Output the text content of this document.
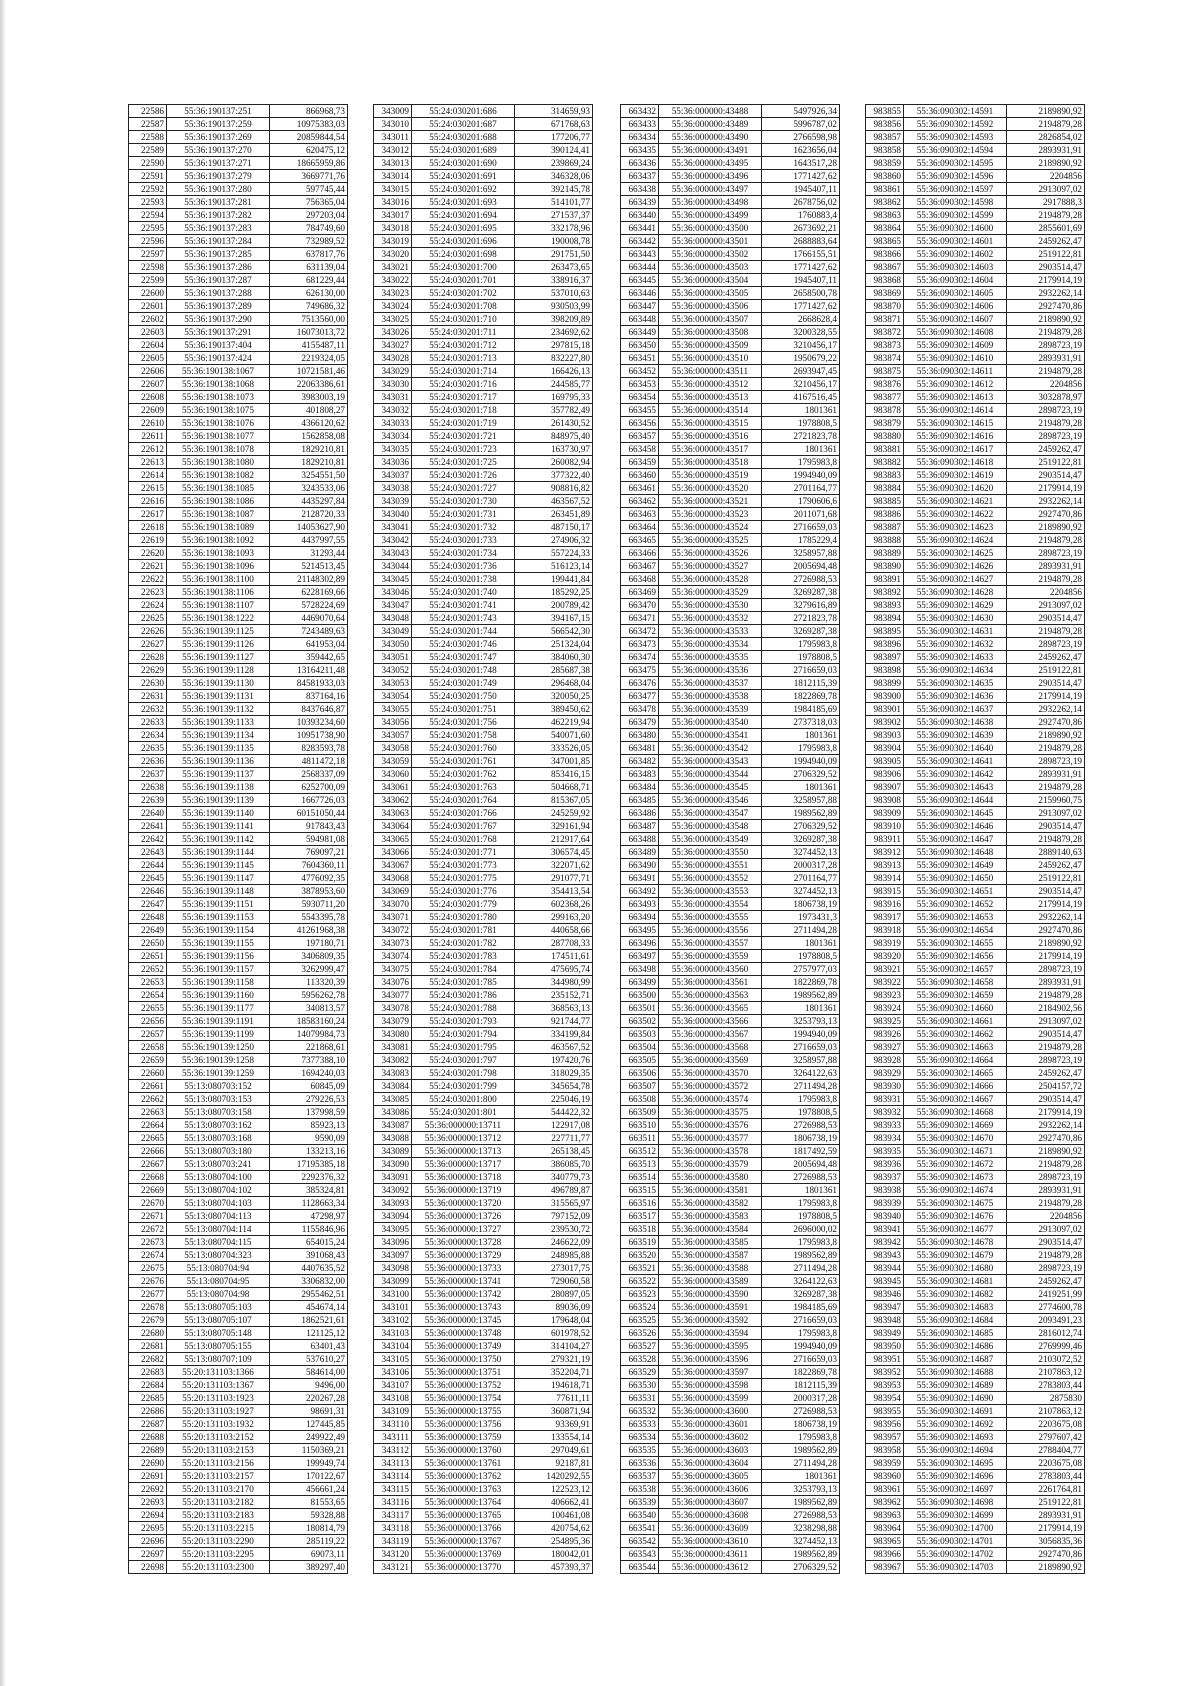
22586	55:36:190137:251	866968,73
22587	55:36:190137:259	10975383,03
22588	55:36:190137:269	20859844,54
22589	55:36:190137:270	620475,12
22590	55:36:190137:271	18665959,86
22591	55:36:190137:279	3669771,76
22592	55:36:190137:280	597745,44
22593	55:36:190137:281	756365,04
22594	55:36:190137:282	297203,04
22595	55:36:190137:283	784749,60
22596	55:36:190137:284	732989,52
22597	55:36:190137:285	637817,76
22598	55:36:190137:286	631139,04
22599	55:36:190137:287	681229,44
22600	55:36:190137:288	626130,00
22601	55:36:190137:289	749686,32
22602	55:36:190137:290	7513560,00
22603	55:36:190137:291	16073013,72
22604	55:36:190137:404	4155487,11
22605	55:36:190137:424	2219324,05
22606	55:36:190138:1067	10721581,46
22607	55:36:190138:1068	22063386,61
22608	55:36:190138:1073	3983003,19
22609	55:36:190138:1075	401808,27
22610	55:36:190138:1076	4366120,62
22611	55:36:190138:1077	1562858,08
22612	55:36:190138:1078	1829210,81
22613	55:36:190138:1080	1829210,81
22614	55:36:190138:1082	3254551,50
22615	55:36:190138:1085	3243533,06
22616	55:36:190138:1086	4435297,84
22617	55:36:190138:1087	2128720,33
22618	55:36:190138:1089	14053627,90
22619	55:36:190138:1092	4437997,55
22620	55:36:190138:1093	31293,44
22621	55:36:190138:1096	5214513,45
22622	55:36:190138:1100	21148302,89
22623	55:36:190138:1106	6228169,66
22624	55:36:190138:1107	5728224,69
22625	55:36:190138:1222	4469070,64
22626	55:36:190139:1125	7243489,63
22627	55:36:190139:1126	641953,04
22628	55:36:190139:1127	359442,65
22629	55:36:190139:1128	13164211,48
22630	55:36:190139:1130	84581933,03
22631	55:36:190139:1131	837164,16
22632	55:36:190139:1132	8437646,87
22633	55:36:190139:1133	10393234,60
22634	55:36:190139:1134	10951738,90
22635	55:36:190139:1135	8283593,78
22636	55:36:190139:1136	4811472,18
22637	55:36:190139:1137	2568337,09
22638	55:36:190139:1138	6252700,09
22639	55:36:190139:1139	1667726,03
22640	55:36:190139:1140	60151050,44
22641	55:36:190139:1141	917843,43
22642	55:36:190139:1142	594981,08
22643	55:36:190139:1144	769097,21
22644	55:36:190139:1145	7604360,11
22645	55:36:190139:1147	4776092,35
22646	55:36:190139:1148	3878953,60
22647	55:36:190139:1151	5930711,20
22648	55:36:190139:1153	5543395,78
22649	55:36:190139:1154	41261968,38
22650	55:36:190139:1155	197180,71
22651	55:36:190139:1156	3406809,35
22652	55:36:190139:1157	3262999,47
22653	55:36:190139:1158	113320,39
22654	55:36:190139:1160	5956262,78
22655	55:36:190139:1177	340813,57
22656	55:36:190139:1191	18583160,24
22657	55:36:190139:1199	14079984,73
22658	55:36:190139:1250	221868,61
22659	55:36:190139:1258	7377388,10
22660	55:36:190139:1259	1694240,03
22661	55:13:080703:152	60845,09
22662	55:13:080703:153	279226,53
22663	55:13:080703:158	137998,59
22664	55:13:080703:162	85923,13
22665	55:13:080703:168	9590,09
22666	55:13:080703:180	133213,16
22667	55:13:080703:241	17195385,18
22668	55:13:080704:100	2292376,32
22669	55:13:080704:102	385324,81
22670	55:13:080704:103	1128663,34
22671	55:13:080704:113	47298,97
22672	55:13:080704:114	1155846,96
22673	55:13:080704:115	654015,24
22674	55:13:080704:323	391068,43
22675	55:13:080704:94	4407635,52
22676	55:13:080704:95	3306832,00
22677	55:13:080704:98	2955462,51
22678	55:13:080705:103	454674,14
22679	55:13:080705:107	1862521,61
22680	55:13:080705:148	121125,12
22681	55:13:080705:155	63401,43
22682	55:13:080707:109	537610,27
22683	55:20:131103:1366	584614,00
22684	55:20:131103:1367	9496,00
22685	55:20:131103:1923	220267,28
22686	55:20:131103:1927	98691,31
22687	55:20:131103:1932	127445,85
22688	55:20:131103:2152	249922,49
22689	55:20:131103:2153	1150369,21
22690	55:20:131103:2156	199949,74
22691	55:20:131103:2157	170122,67
22692	55:20:131103:2170	456661,24
22693	55:20:131103:2182	81553,65
22694	55:20:131103:2183	59328,88
22695	55:20:131103:2215	180814,79
22696	55:20:131103:2290	285119,22
22697	55:20:131103:2295	69073,11
22698	55:20:131103:2300	389297,40
343009	55:24:030201:686	314659,93
343010	55:24:030201:687	671768,63
343011	55:24:030201:688	177206,77
343012	55:24:030201:689	390124,41
343013	55:24:030201:690	239869,24
343014	55:24:030201:691	346328,06
343015	55:24:030201:692	392145,78
343016	55:24:030201:693	514101,77
343017	55:24:030201:694	271537,37
343018	55:24:030201:695	332178,96
343019	55:24:030201:696	190008,78
343020	55:24:030201:698	291751,50
343021	55:24:030201:700	263473,65
343022	55:24:030201:701	338916,37
343023	55:24:030201:702	537010,63
343024	55:24:030201:708	930503,99
343025	55:24:030201:710	398209,89
343026	55:24:030201:711	234692,62
343027	55:24:030201:712	297815,18
343028	55:24:030201:713	832227,80
343029	55:24:030201:714	166426,13
343030	55:24:030201:716	244585,77
343031	55:24:030201:717	169795,33
343032	55:24:030201:718	357782,49
343033	55:24:030201:719	261430,52
343034	55:24:030201:721	848975,40
343035	55:24:030201:723	163730,97
343036	55:24:030201:725	260082,94
343037	55:24:030201:726	377322,40
343038	55:24:030201:727	908816,82
343039	55:24:030201:730	463567,52
343040	55:24:030201:731	263451,89
343041	55:24:030201:732	487150,17
343042	55:24:030201:733	274906,32
343043	55:24:030201:734	557224,33
343044	55:24:030201:736	516123,14
343045	55:24:030201:738	199441,84
343046	55:24:030201:740	185292,25
343047	55:24:030201:741	200789,42
343048	55:24:030201:743	394167,15
343049	55:24:030201:744	566542,30
343050	55:24:030201:746	251324,04
343051	55:24:030201:747	384060,30
343052	55:24:030201:748	285687,38
343053	55:24:030201:749	296468,04
343054	55:24:030201:750	320050,25
343055	55:24:030201:751	389450,62
343056	55:24:030201:756	462219,94
343057	55:24:030201:758	540071,60
343058	55:24:030201:760	333526,05
343059	55:24:030201:761	347001,85
343060	55:24:030201:762	853416,15
343061	55:24:030201:763	504668,71
343062	55:24:030201:764	815367,05
343063	55:24:030201:766	245259,92
343064	55:24:030201:767	329161,94
343065	55:24:030201:768	212917,64
343066	55:24:030201:771	306574,45
343067	55:24:030201:773	322071,62
343068	55:24:030201:775	291077,71
343069	55:24:030201:776	354413,54
343070	55:24:030201:779	602368,26
343071	55:24:030201:780	299163,20
343072	55:24:030201:781	440658,66
343073	55:24:030201:782	287708,33
343074	55:24:030201:783	174511,61
343075	55:24:030201:784	475695,74
343076	55:24:030201:785	344980,99
343077	55:24:030201:786	235152,71
343078	55:24:030201:788	368563,13
343079	55:24:030201:793	921744,77
343080	55:24:030201:794	334199,84
343081	55:24:030201:795	463567,52
343082	55:24:030201:797	197420,76
343083	55:24:030201:798	318029,35
343084	55:24:030201:799	345654,78
343085	55:24:030201:800	225046,19
343086	55:24:030201:801	544422,32
343087	55:36:000000:13711	122917,08
343088	55:36:000000:13712	227711,77
343089	55:36:000000:13713	265138,45
343090	55:36:000000:13717	386085,70
343091	55:36:000000:13718	340779,73
343092	55:36:000000:13719	496789,87
343093	55:36:000000:13720	315565,97
343094	55:36:000000:13726	797152,09
343095	55:36:000000:13727	239530,72
343096	55:36:000000:13728	246622,09
343097	55:36:000000:13729	248985,88
343098	55:36:000000:13733	273017,75
343099	55:36:000000:13741	729060,58
343100	55:36:000000:13742	280897,05
343101	55:36:000000:13743	89036,09
343102	55:36:000000:13745	179648,04
343103	55:36:000000:13748	601978,52
343104	55:36:000000:13749	314104,27
343105	55:36:000000:13750	279321,19
343106	55:36:000000:13751	352204,71
343107	55:36:000000:13752	194618,71
343108	55:36:000000:13754	77611,11
343109	55:36:000000:13755	360871,94
343110	55:36:000000:13756	93369,91
343111	55:36:000000:13759	133554,14
343112	55:36:000000:13760	297049,61
343113	55:36:000000:13761	92187,81
343114	55:36:000000:13762	1420292,55
343115	55:36:000000:13763	122523,12
343116	55:36:000000:13764	406662,41
343117	55:36:000000:13765	100461,08
343118	55:36:000000:13766	420754,62
343119	55:36:000000:13767	254895,36
343120	55:36:000000:13769	180042,01
343121	55:36:000000:13770	457393,37
663432	55:36:000000:43488	5497926,34
663433	55:36:000000:43489	5996787,02
663434	55:36:000000:43490	2766598,98
663435	55:36:000000:43491	1623656,04
663436	55:36:000000:43495	1643517,28
663437	55:36:000000:43496	1771427,62
663438	55:36:000000:43497	1945407,11
663439	55:36:000000:43498	2678756,02
663440	55:36:000000:43499	1760883,4
663441	55:36:000000:43500	2673692,21
663442	55:36:000000:43501	2688883,64
663443	55:36:000000:43502	1766155,51
663444	55:36:000000:43503	1771427,62
663445	55:36:000000:43504	1945407,11
663446	55:36:000000:43505	2658500,78
663447	55:36:000000:43506	1771427,62
663448	55:36:000000:43507	2668628,4
663449	55:36:000000:43508	3200328,55
663450	55:36:000000:43509	3210456,17
663451	55:36:000000:43510	1950679,22
663452	55:36:000000:43511	2693947,45
663453	55:36:000000:43512	3210456,17
663454	55:36:000000:43513	4167516,45
663455	55:36:000000:43514	1801361
663456	55:36:000000:43515	1978808,5
663457	55:36:000000:43516	2721823,78
663458	55:36:000000:43517	1801361
663459	55:36:000000:43518	1795983,8
663460	55:36:000000:43519	1994940,09
663461	55:36:000000:43520	2701164,77
663462	55:36:000000:43521	1790606,6
663463	55:36:000000:43523	2011071,68
663464	55:36:000000:43524	2716659,03
663465	55:36:000000:43525	1785229,4
663466	55:36:000000:43526	3258957,88
663467	55:36:000000:43527	2005694,48
663468	55:36:000000:43528	2726988,53
663469	55:36:000000:43529	3269287,38
663470	55:36:000000:43530	3279616,89
663471	55:36:000000:43532	2721823,78
663472	55:36:000000:43533	3269287,38
663473	55:36:000000:43534	1795983,8
663474	55:36:000000:43535	1978808,5
663475	55:36:000000:43536	2716659,03
663476	55:36:000000:43537	1812115,39
663477	55:36:000000:43538	1822869,78
663478	55:36:000000:43539	1984185,69
663479	55:36:000000:43540	2737318,03
663480	55:36:000000:43541	1801361
663481	55:36:000000:43542	1795983,8
663482	55:36:000000:43543	1994940,09
663483	55:36:000000:43544	2706329,52
663484	55:36:000000:43545	1801361
663485	55:36:000000:43546	3258957,88
663486	55:36:000000:43547	1989562,89
663487	55:36:000000:43548	2706329,52
663488	55:36:000000:43549	3269287,38
663489	55:36:000000:43550	3274452,13
663490	55:36:000000:43551	2000317,28
663491	55:36:000000:43552	2701164,77
663492	55:36:000000:43553	3274452,13
663493	55:36:000000:43554	1806738,19
663494	55:36:000000:43555	1973431,3
663495	55:36:000000:43556	2711494,28
663496	55:36:000000:43557	1801361
663497	55:36:000000:43559	1978808,5
663498	55:36:000000:43560	2757977,03
663499	55:36:000000:43561	1822869,78
663500	55:36:000000:43563	1989562,89
663501	55:36:000000:43565	1801361
663502	55:36:000000:43566	3253793,13
663503	55:36:000000:43567	1994940,09
663504	55:36:000000:43568	2716659,03
663505	55:36:000000:43569	3258957,88
663506	55:36:000000:43570	3264122,63
663507	55:36:000000:43572	2711494,28
663508	55:36:000000:43574	1795983,8
663509	55:36:000000:43575	1978808,5
663510	55:36:000000:43576	2726988,53
663511	55:36:000000:43577	1806738,19
663512	55:36:000000:43578	1817492,59
663513	55:36:000000:43579	2005694,48
663514	55:36:000000:43580	2726988,53
663515	55:36:000000:43581	1801361
663516	55:36:000000:43582	1795983,8
663517	55:36:000000:43583	1978808,5
663518	55:36:000000:43584	2696000,02
663519	55:36:000000:43585	1795983,8
663520	55:36:000000:43587	1989562,89
663521	55:36:000000:43588	2711494,28
663522	55:36:000000:43589	3264122,63
663523	55:36:000000:43590	3269287,38
663524	55:36:000000:43591	1984185,69
663525	55:36:000000:43592	2716659,03
663526	55:36:000000:43594	1795983,8
663527	55:36:000000:43595	1994940,09
663528	55:36:000000:43596	2716659,03
663529	55:36:000000:43597	1822869,78
663530	55:36:000000:43598	1812115,39
663531	55:36:000000:43599	2000317,28
663532	55:36:000000:43600	2726988,53
663533	55:36:000000:43601	1806738,19
663534	55:36:000000:43602	1795983,8
663535	55:36:000000:43603	1989562,89
663536	55:36:000000:43604	2711494,28
663537	55:36:000000:43605	1801361
663538	55:36:000000:43606	3253793,13
663539	55:36:000000:43607	1989562,89
663540	55:36:000000:43608	2726988,53
663541	55:36:000000:43609	3238298,88
663542	55:36:000000:43610	3274452,13
663543	55:36:000000:43611	1989562,89
663544	55:36:000000:43612	2706329,52
983855	55:36:090302:14591	2189890,92
983856	55:36:090302:14592	2194879,28
983857	55:36:090302:14593	2826854,02
983858	55:36:090302:14594	2893931,91
983859	55:36:090302:14595	2189890,92
983860	55:36:090302:14596	2204856
983861	55:36:090302:14597	2913097,02
983862	55:36:090302:14598	2917888,3
983863	55:36:090302:14599	2194879,28
983864	55:36:090302:14600	2855601,69
983865	55:36:090302:14601	2459262,47
983866	55:36:090302:14602	2519122,81
983867	55:36:090302:14603	2903514,47
983868	55:36:090302:14604	2179914,19
983869	55:36:090302:14605	2932262,14
983870	55:36:090302:14606	2927470,86
983871	55:36:090302:14607	2189890,92
983872	55:36:090302:14608	2194879,28
983873	55:36:090302:14609	2898723,19
983874	55:36:090302:14610	2893931,91
983875	55:36:090302:14611	2194879,28
983876	55:36:090302:14612	2204856
983877	55:36:090302:14613	3032878,97
983878	55:36:090302:14614	2898723,19
983879	55:36:090302:14615	2194879,28
983880	55:36:090302:14616	2898723,19
983881	55:36:090302:14617	2459262,47
983882	55:36:090302:14618	2519122,81
983883	55:36:090302:14619	2903514,47
983884	55:36:090302:14620	2179914,19
983885	55:36:090302:14621	2932262,14
983886	55:36:090302:14622	2927470,86
983887	55:36:090302:14623	2189890,92
983888	55:36:090302:14624	2194879,28
983889	55:36:090302:14625	2898723,19
983890	55:36:090302:14626	2893931,91
983891	55:36:090302:14627	2194879,28
983892	55:36:090302:14628	2204856
983893	55:36:090302:14629	2913097,02
983894	55:36:090302:14630	2903514,47
983895	55:36:090302:14631	2194879,28
983896	55:36:090302:14632	2898723,19
983897	55:36:090302:14633	2459262,47
983898	55:36:090302:14634	2519122,81
983899	55:36:090302:14635	2903514,47
983900	55:36:090302:14636	2179914,19
983901	55:36:090302:14637	2932262,14
983902	55:36:090302:14638	2927470,86
983903	55:36:090302:14639	2189890,92
983904	55:36:090302:14640	2194879,28
983905	55:36:090302:14641	2898723,19
983906	55:36:090302:14642	2893931,91
983907	55:36:090302:14643	2194879,28
983908	55:36:090302:14644	2159960,75
983909	55:36:090302:14645	2913097,02
983910	55:36:090302:14646	2903514,47
983911	55:36:090302:14647	2194879,28
983912	55:36:090302:14648	2889140,63
983913	55:36:090302:14649	2459262,47
983914	55:36:090302:14650	2519122,81
983915	55:36:090302:14651	2903514,47
983916	55:36:090302:14652	2179914,19
983917	55:36:090302:14653	2932262,14
983918	55:36:090302:14654	2927470,86
983919	55:36:090302:14655	2189890,92
983920	55:36:090302:14656	2179914,19
983921	55:36:090302:14657	2898723,19
983922	55:36:090302:14658	2893931,91
983923	55:36:090302:14659	2194879,28
983924	55:36:090302:14660	2184902,56
983925	55:36:090302:14661	2913097,02
983926	55:36:090302:14662	2903514,47
983927	55:36:090302:14663	2194879,28
983928	55:36:090302:14664	2898723,19
983929	55:36:090302:14665	2459262,47
983930	55:36:090302:14666	2504157,72
983931	55:36:090302:14667	2903514,47
983932	55:36:090302:14668	2179914,19
983933	55:36:090302:14669	2932262,14
983934	55:36:090302:14670	2927470,86
983935	55:36:090302:14671	2189890,92
983936	55:36:090302:14672	2194879,28
983937	55:36:090302:14673	2898723,19
983938	55:36:090302:14674	2893931,91
983939	55:36:090302:14675	2194879,28
983940	55:36:090302:14676	2204856
983941	55:36:090302:14677	2913097,02
983942	55:36:090302:14678	2903514,47
983943	55:36:090302:14679	2194879,28
983944	55:36:090302:14680	2898723,19
983945	55:36:090302:14681	2459262,47
983946	55:36:090302:14682	2419251,99
983947	55:36:090302:14683	2774600,78
983948	55:36:090302:14684	2093491,23
983949	55:36:090302:14685	2816012,74
983950	55:36:090302:14686	2769999,46
983951	55:36:090302:14687	2103072,52
983952	55:36:090302:14688	2107863,12
983953	55:36:090302:14689	2783803,44
983954	55:36:090302:14690	2875830
983955	55:36:090302:14691	2107863,12
983956	55:36:090302:14692	2203675,08
983957	55:36:090302:14693	2797607,42
983958	55:36:090302:14694	2788404,77
983959	55:36:090302:14695	2203675,08
983960	55:36:090302:14696	2783803,44
983961	55:36:090302:14697	2261764,81
983962	55:36:090302:14698	2519122,81
983963	55:36:090302:14699	2893931,91
983964	55:36:090302:14700	2179914,19
983965	55:36:090302:14701	3056835,36
983966	55:36:090302:14702	2927470,86
983967	55:36:090302:14703	2189890,92
